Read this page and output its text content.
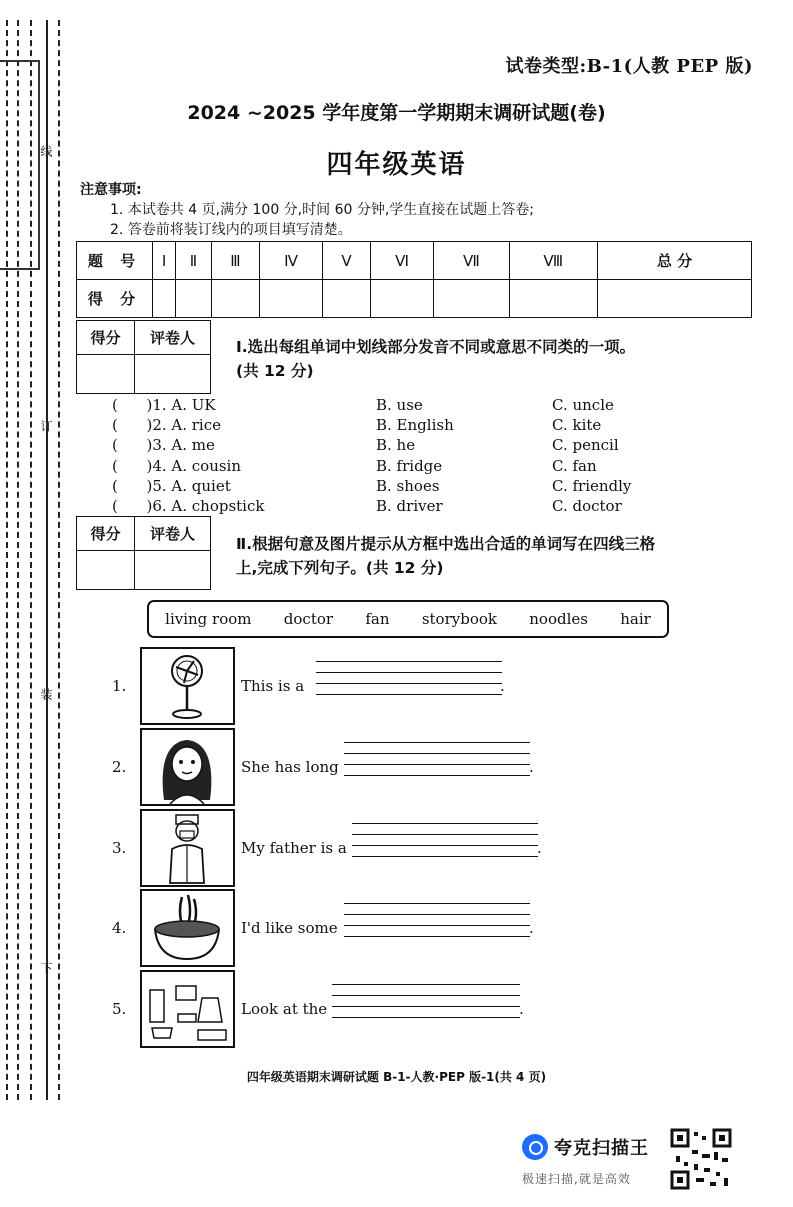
线
订
装
下
试卷类型:B-1(人教 PEP 版)
2024 ~2025 学年度第一学期期末调研试题(卷)
四年级英语
注意事项:
1. 本试卷共 4 页,满分 100 分,时间 60 分钟,学生直接在试题上答卷;
2. 答卷前将装订线内的项目填写清楚。
题 号	Ⅰ	Ⅱ	Ⅲ	Ⅳ	Ⅴ	Ⅵ	Ⅶ	Ⅷ	总 分
得 分									
得分	评卷人	Ⅰ.选出每组单词中划线部分发音不同或意思不同类的一项。
(共 12 分)
(      )1. A. UK	B. use	C. uncle
(      )2. A. rice	B. English	C. kite
(      )3. A. me	B. he	C. pencil
(      )4. A. cousin	B. fridge	C. fan
(      )5. A. quiet	B. shoes	C. friendly
(      )6. A. chopstick	B. driver	C. doctor
得分	评卷人
Ⅱ.根据句意及图片提示从方框中选出合适的单词写在四线三格
上,完成下列句子。(共 12 分)
living room doctor fan storybook noodles hair
1.	This is a	.
2.	She has long	.
3.	My father is a	.
4.	I'd like some	.
5.	Look at the	.
四年级英语期末调研试题 B-1-人教·PEP 版-1(共 4 页)
夸克扫描王
极速扫描,就是高效
